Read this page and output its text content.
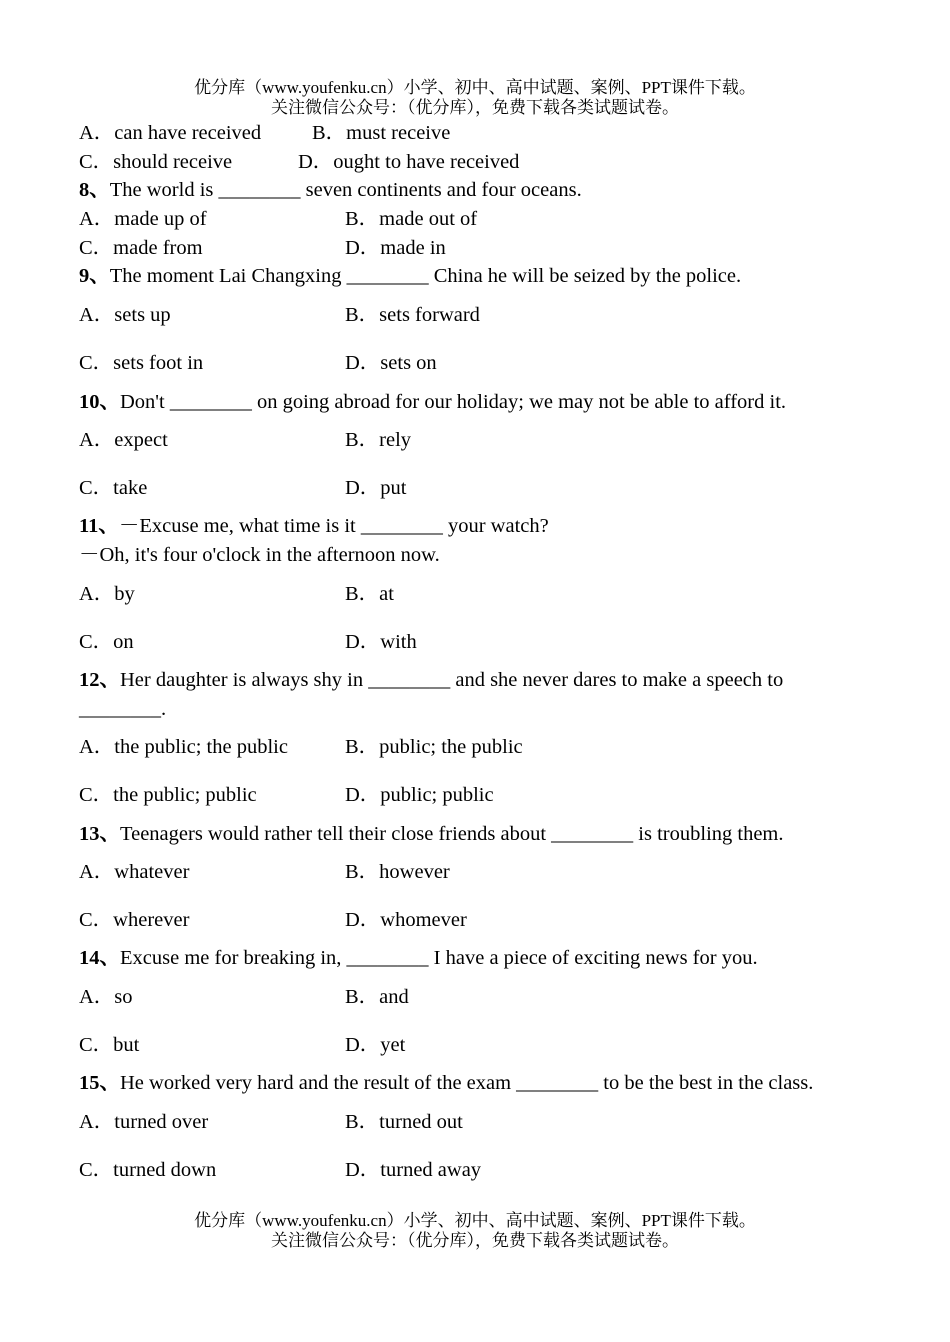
优分库（www.youfenku.cn）小学、初中、高中试题、案例、PPT课件下载。
关注微信公众号：（优分库），免费下载各类试题试卷。
A．can have received B．must receive
C．should receive	D．ought to have received
8、The world is ________ seven continents and four oceans.
A．made up of	B．made out of
C．made from	D．made in
9、The moment Lai Changxing ________ China he will be seized by the police.
A．sets up	B．sets forward
C．sets foot in	D．sets on
10、Don't ________ on going abroad for our holiday; we may not be able to afford it.
A．expect	B．rely
C．take	D．put
11、－Excuse me, what time is it ________ your watch?
－Oh, it's four o'clock in the afternoon now.
A．by	B．at
C．on	D．with
12、Her daughter is always shy in ________ and she never dares to make a speech to
________.
A．the public; the public	B．public; the public
C．the public; public	D．public; public
13、Teenagers would rather tell their close friends about ________ is troubling them.
A．whatever	B．however
C．wherever	D．whomever
14、Excuse me for breaking in, ________ I have a piece of exciting news for you.
A．so	B．and
C．but	D．yet
15、He worked very hard and the result of the exam ________ to be the best in the class.
A．turned over	B．turned out
C．turned down	D．turned away
优分库（www.youfenku.cn）小学、初中、高中试题、案例、PPT课件下载。
关注微信公众号：（优分库），免费下载各类试题试卷。
